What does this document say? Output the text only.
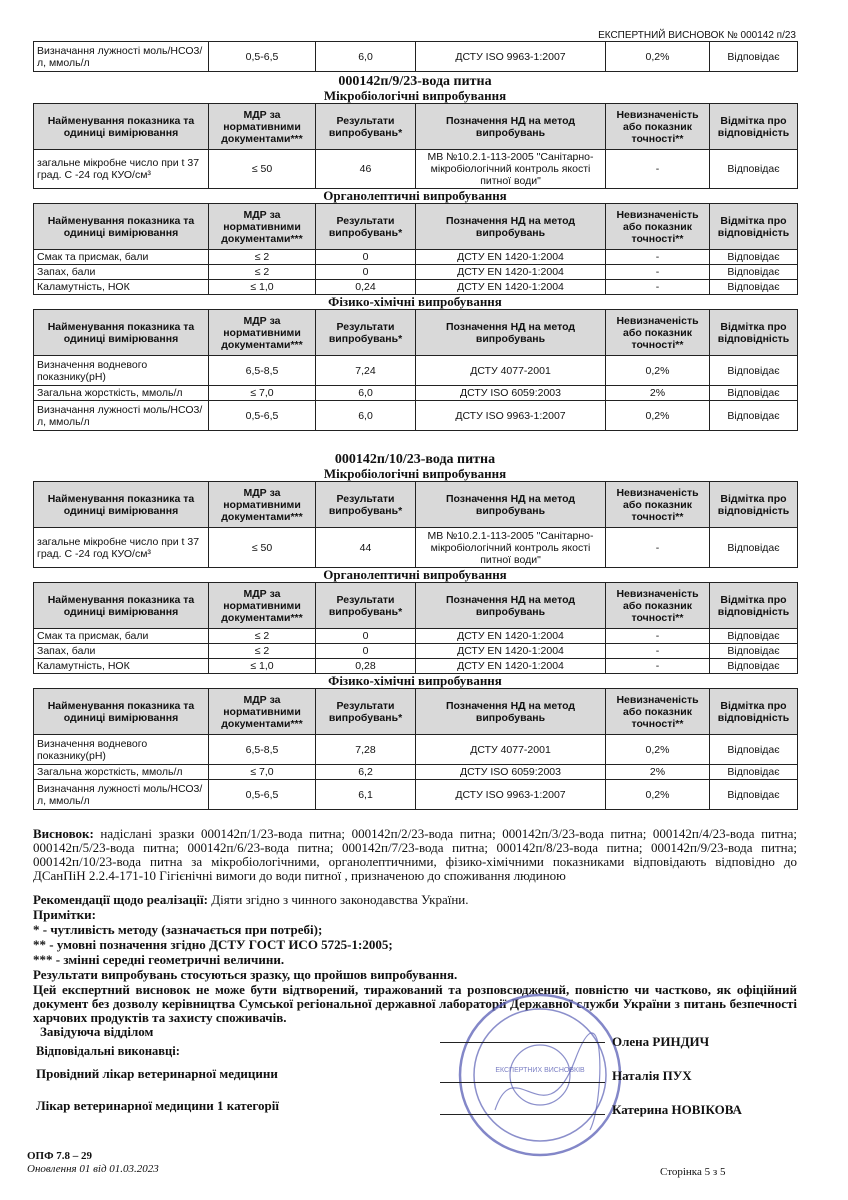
ЕКСПЕРТНИЙ ВИСНОВОК № 000142 п/23
Визначання лужності моль/НСО3/л, ммоль/л	0,5-6,5	6,0	ДСТУ ISO 9963-1:2007	0,2%	Відповідає
000142п/9/23-вода питна
Мікробіологічні випробування
Найменування показника та одиниці вимірювання	МДР за нормативними документами***	Результати випробувань*	Позначення НД на метод випробувань	Невизначеність або показник точності**	Відмітка про відповідність
загальне мікробне число при t 37 град. С -24 год КУО/см³	≤ 50	46	МВ №10.2.1-113-2005 "Санітарно-мікробіологічний контроль якості питної води"	-	Відповідає
Органолептичні випробування
Найменування показника та одиниці вимірювання	МДР за нормативними документами***	Результати випробувань*	Позначення НД на метод випробувань	Невизначеність або показник точності**	Відмітка про відповідність
Смак та присмак, бали	≤ 2	0	ДСТУ EN 1420-1:2004	-	Відповідає
Запах, бали	≤ 2	0	ДСТУ EN 1420-1:2004	-	Відповідає
Каламутність, НОК	≤ 1,0	0,24	ДСТУ EN 1420-1:2004	-	Відповідає
Фізико-хімічні випробування
Найменування показника та одиниці вимірювання	МДР за нормативними документами***	Результати випробувань*	Позначення НД на метод випробувань	Невизначеність або показник точності**	Відмітка про відповідність
Визначення водневого показнику(pH)	6,5-8,5	7,24	ДСТУ 4077-2001	0,2%	Відповідає
Загальна жорсткість, ммоль/л	≤ 7,0	6,0	ДСТУ ISO 6059:2003	2%	Відповідає
Визначання лужності моль/НСО3/л, ммоль/л	0,5-6,5	6,0	ДСТУ ISO 9963-1:2007	0,2%	Відповідає
000142п/10/23-вода питна
Мікробіологічні випробування
Найменування показника та одиниці вимірювання	МДР за нормативними документами***	Результати випробувань*	Позначення НД на метод випробувань	Невизначеність або показник точності**	Відмітка про відповідність
загальне мікробне число при t 37 град. С -24 год КУО/см³	≤ 50	44	МВ №10.2.1-113-2005 "Санітарно-мікробіологічний контроль якості питної води"	-	Відповідає
Органолептичні випробування
Найменування показника та одиниці вимірювання	МДР за нормативними документами***	Результати випробувань*	Позначення НД на метод випробувань	Невизначеність або показник точності**	Відмітка про відповідність
Смак та присмак, бали	≤ 2	0	ДСТУ EN 1420-1:2004	-	Відповідає
Запах, бали	≤ 2	0	ДСТУ EN 1420-1:2004	-	Відповідає
Каламутність, НОК	≤ 1,0	0,28	ДСТУ EN 1420-1:2004	-	Відповідає
Фізико-хімічні випробування
Найменування показника та одиниці вимірювання	МДР за нормативними документами***	Результати випробувань*	Позначення НД на метод випробувань	Невизначеність або показник точності**	Відмітка про відповідність
Визначення водневого показнику(pH)	6,5-8,5	7,28	ДСТУ 4077-2001	0,2%	Відповідає
Загальна жорсткість, ммоль/л	≤ 7,0	6,2	ДСТУ ISO 6059:2003	2%	Відповідає
Визначання лужності моль/НСО3/л, ммоль/л	0,5-6,5	6,1	ДСТУ ISO 9963-1:2007	0,2%	Відповідає
Висновок: надіслані зразки 000142п/1/23-вода питна; 000142п/2/23-вода питна; 000142п/3/23-вода питна; 000142п/4/23-вода питна; 000142п/5/23-вода питна; 000142п/6/23-вода питна; 000142п/7/23-вода питна; 000142п/8/23-вода питна; 000142п/9/23-вода питна; 000142п/10/23-вода питна за мікробіологічними, органолептичними, фізико-хімічними показниками відповідають відповідно до ДСанПіН 2.2.4-171-10 Гігієнічні вимоги до води питної , призначеною до споживання людиною
Рекомендації щодо реалізації: Діяти згідно з чинного законодавства України.
Примітки:
* - чутливість методу (зазначається при потребі);
** - умовні позначення згідно ДСТУ ГОСТ ИСО 5725-1:2005;
*** - змінні середні геометричні величини.
Результати випробувань стосуються зразку, що пройшов випробування.
Цей експертний висновок не може бути відтворений, тиражований та розповсюджений, повністю чи частково, як офіційний документ без дозволу керівництва Сумської регіональної державної лабораторії Державної служби України з питань безпечності харчових продуктів та захисту споживачів.
ЕКСПЕРТНИХ ВИСНОВКІВ
Завідуюча відділом
Олена РИНДИЧ
Відповідальні виконавці:
Провідний лікар ветеринарної медицини	Наталія ПУХ
Лікар ветеринарної медицини 1 категорії	Катерина НОВІКОВА
ОПФ 7.8 – 29
Оновлення 01 від 01.03.2023	Сторінка 5 з 5
